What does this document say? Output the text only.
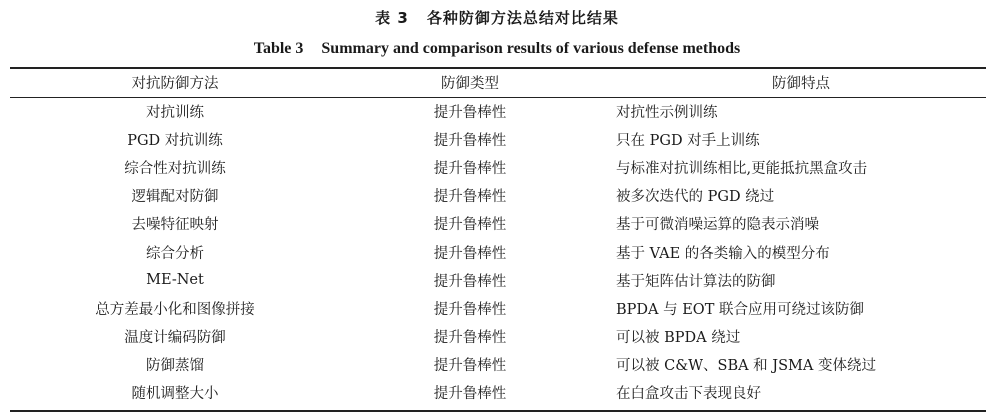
表 3 各种防御方法总结对比结果
Table 3 Summary and comparison results of various defense methods
对抗防御方法	防御类型	防御特点
对抗训练	提升鲁棒性	对抗性示例训练
PGD 对抗训练	提升鲁棒性	只在 PGD 对手上训练
综合性对抗训练	提升鲁棒性	与标准对抗训练相比,更能抵抗黑盒攻击
逻辑配对防御	提升鲁棒性	被多次迭代的 PGD 绕过
去噪特征映射	提升鲁棒性	基于可微消噪运算的隐表示消噪
综合分析	提升鲁棒性	基于 VAE 的各类输入的模型分布
ME-Net	提升鲁棒性	基于矩阵估计算法的防御
总方差最小化和图像拼接	提升鲁棒性	BPDA 与 EOT 联合应用可绕过该防御
温度计编码防御	提升鲁棒性	可以被 BPDA 绕过
防御蒸馏	提升鲁棒性	可以被 C&W、SBA 和 JSMA 变体绕过
随机调整大小	提升鲁棒性	在白盒攻击下表现良好
